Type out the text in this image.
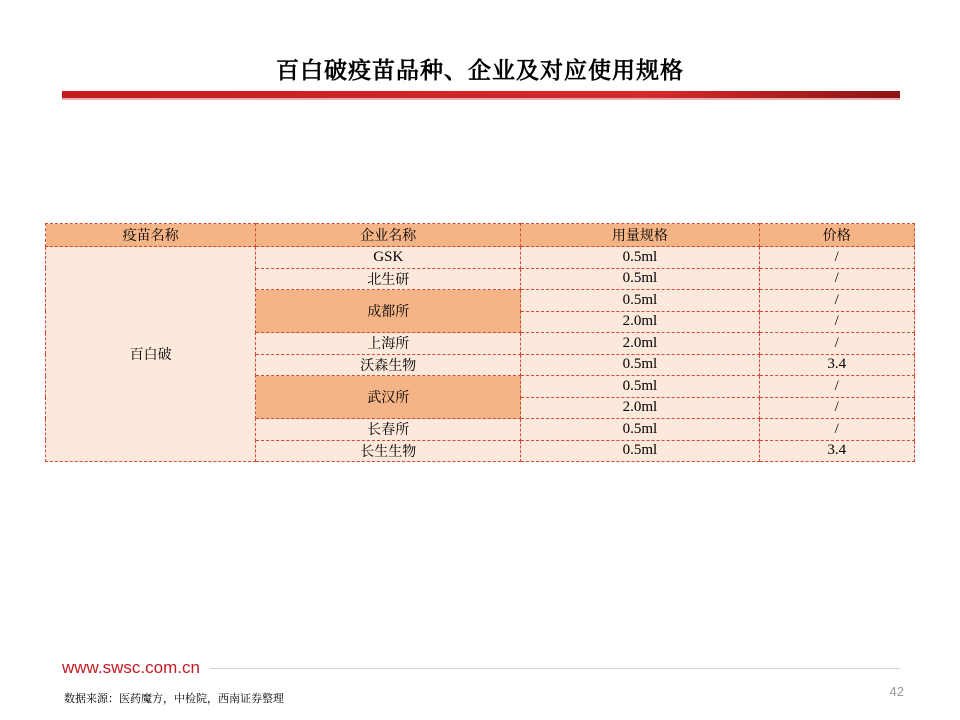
百白破疫苗品种、企业及对应使用规格
疫苗名称	企业名称	用量规格	价格
百白破	GSK	0.5ml	/
	北生研	0.5ml	/
	成都所	0.5ml	/
		2.0ml	/
	上海所	2.0ml	/
	沃森生物	0.5ml	3.4
	武汉所	0.5ml	/
		2.0ml	/
	长春所	0.5ml	/
	长生生物	0.5ml	3.4
www.swsc.com.cn
42
数据来源：医药魔方，中检院，西南证券整理
